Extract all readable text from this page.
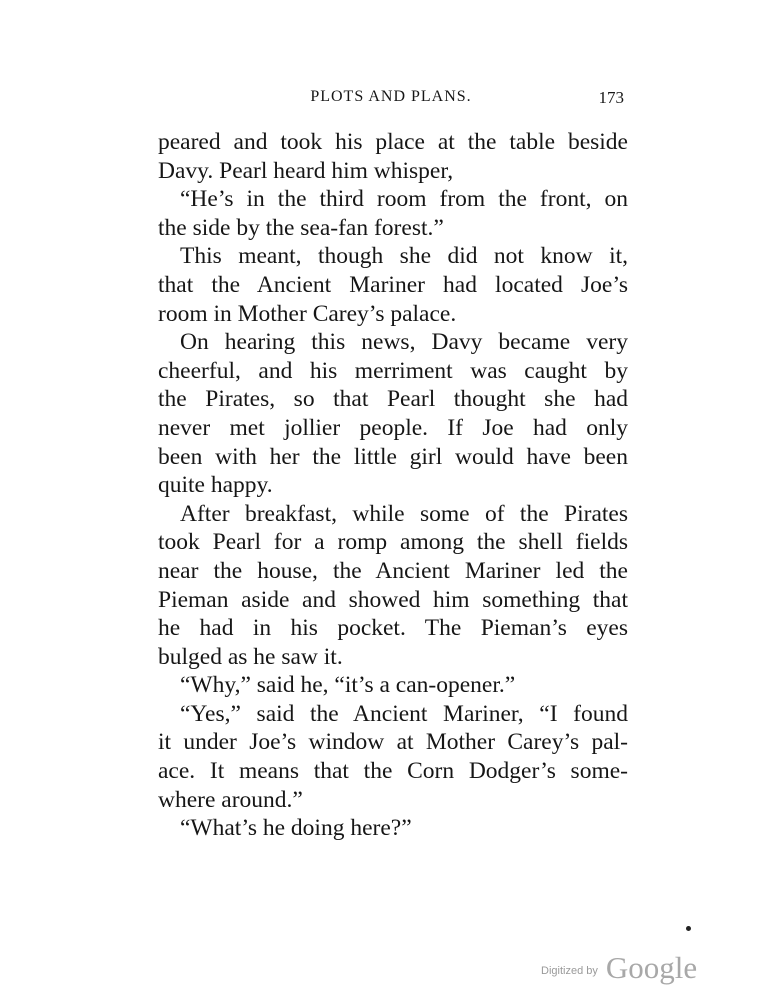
PLOTS AND PLANS.	173
peared and took his place at the table beside
Davy. Pearl heard him whisper,
“He’s in the third room from the front, on
the side by the sea-fan forest.”
This meant, though she did not know it,
that the Ancient Mariner had located Joe’s
room in Mother Carey’s palace.
On hearing this news, Davy became very
cheerful, and his merriment was caught by
the Pirates, so that Pearl thought she had
never met jollier people. If Joe had only
been with her the little girl would have been
quite happy.
After breakfast, while some of the Pirates
took Pearl for a romp among the shell fields
near the house, the Ancient Mariner led the
Pieman aside and showed him something that
he had in his pocket. The Pieman’s eyes
bulged as he saw it.
“Why,” said he, “it’s a can-opener.”
“Yes,” said the Ancient Mariner, “I found
it under Joe’s window at Mother Carey’s pal-
ace. It means that the Corn Dodger’s some-
where around.”
“What’s he doing here?”
$^{Digitized by}$ Google
